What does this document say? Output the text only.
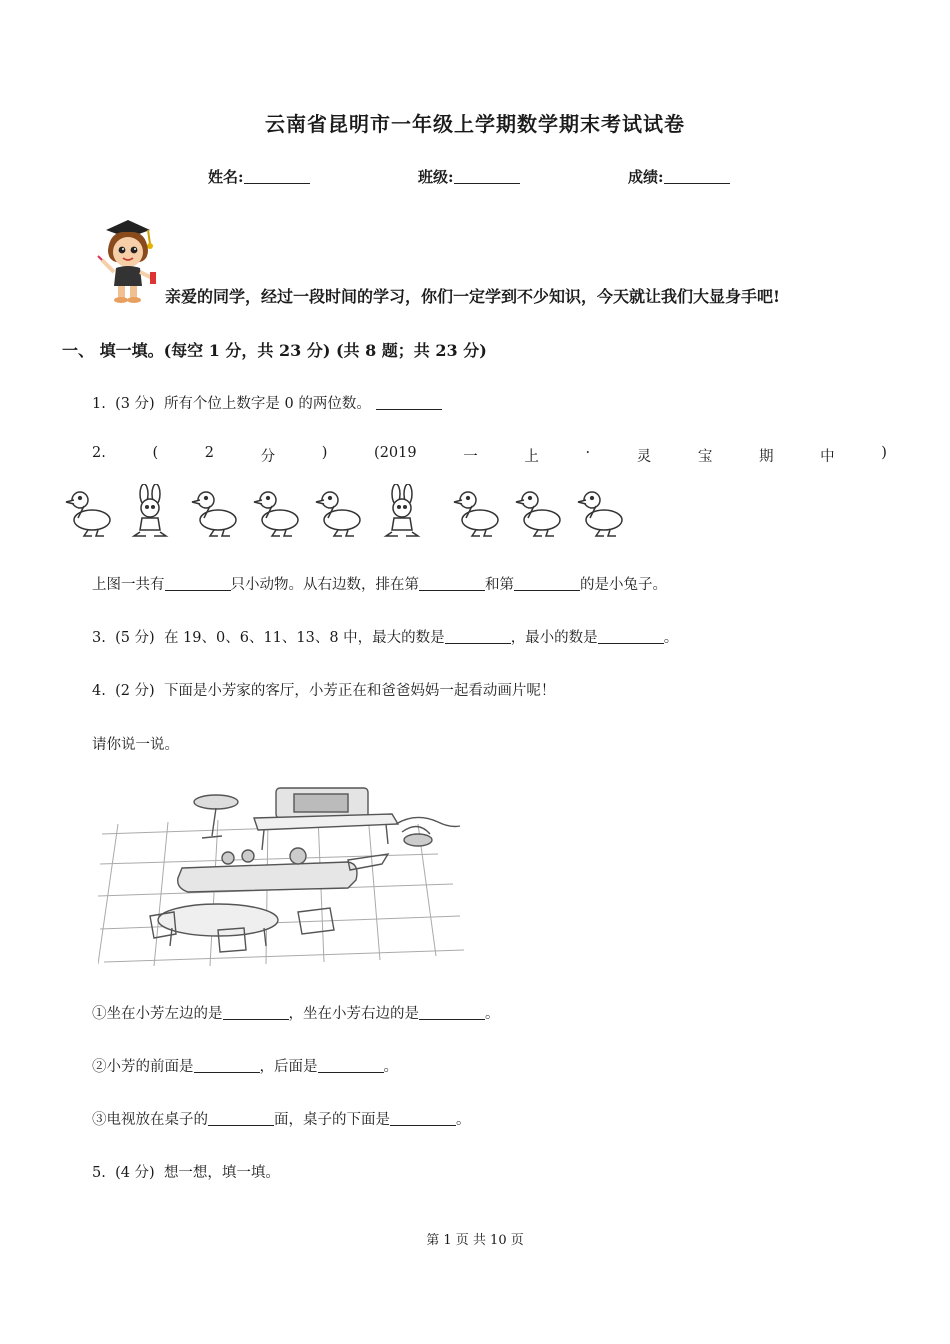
云南省昆明市一年级上学期数学期末考试试卷
姓名:	班级:	成绩:
亲爱的同学，经过一段时间的学习，你们一定学到不少知识，今天就让我们大显身手吧!
一、 填一填。(每空 1 分，共 23 分) (共 8 题；共 23 分)
1. (3 分) 所有个位上数字是 0 的两位数。
2.	(	2	分	)	(2019	一	上	·	灵	宝	期	中	)
上图一共有	只小动物。从右边数，排在第	和第	的是小兔子。
3. (5 分) 在 19、0、6、11、13、8 中，最大的数是	，最小的数是	。
4. (2 分) 下面是小芳家的客厅，小芳正在和爸爸妈妈一起看动画片呢！
请你说一说。
①坐在小芳左边的是	，坐在小芳右边的是	。
②小芳的前面是	，后面是	。
③电视放在桌子的	面，桌子的下面是	。
5. (4 分) 想一想，填一填。
第 1 页 共 10 页
